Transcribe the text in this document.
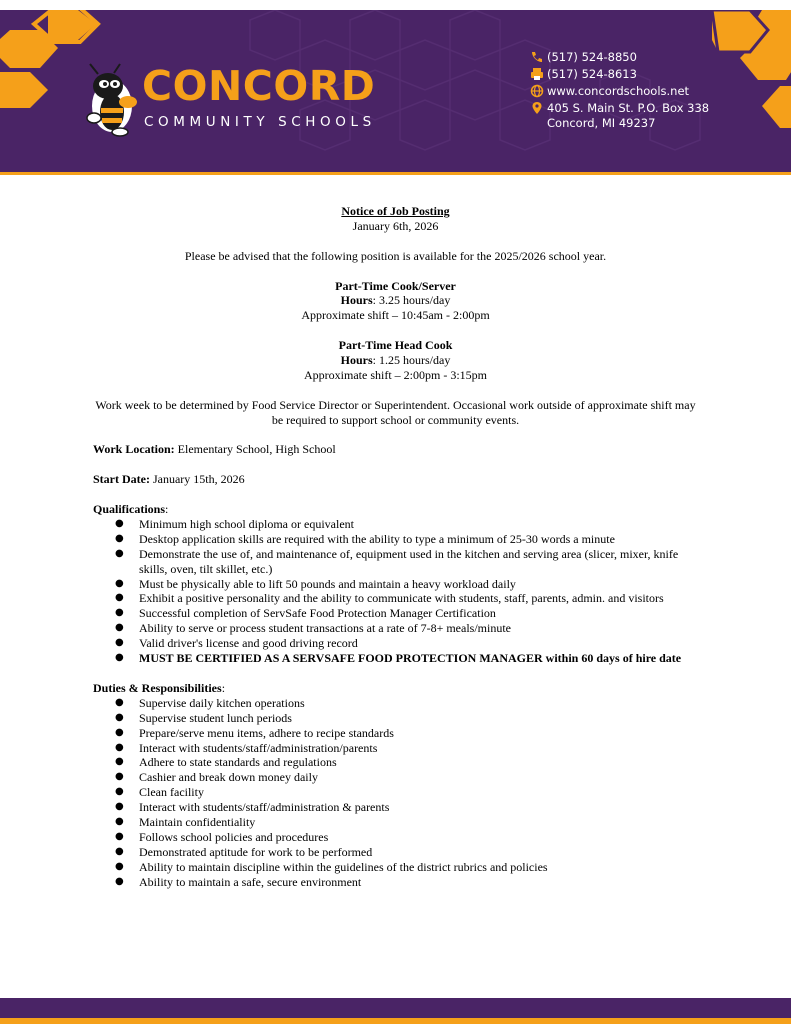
CONCORD
COMMUNITY SCHOOLS
(517) 524-8850
(517) 524-8613
www.concordschools.net
405 S. Main St. P.O. Box 338
Concord, MI 49237
Notice of Job Posting
January 6th, 2026
Please be advised that the following position is available for the 2025/2026 school year.
Part-Time Cook/Server
Hours: 3.25 hours/day
Approximate shift – 10:45am - 2:00pm
Part-Time Head Cook
Hours: 1.25 hours/day
Approximate shift – 2:00pm - 3:15pm
Work week to be determined by Food Service Director or Superintendent. Occasional work outside of approximate shift may be required to support school or community events.
Work Location: Elementary School, High School
Start Date: January 15th, 2026
Qualifications:
● Minimum high school diploma or equivalent
● Desktop application skills are required with the ability to type a minimum of 25-30 words a minute
● Demonstrate the use of, and maintenance of, equipment used in the kitchen and serving area (slicer, mixer, knife skills, oven, tilt skillet, etc.)
● Must be physically able to lift 50 pounds and maintain a heavy workload daily
● Exhibit a positive personality and the ability to communicate with students, staff, parents, admin. and visitors
● Successful completion of ServSafe Food Protection Manager Certification
● Ability to serve or process student transactions at a rate of 7-8+ meals/minute
● Valid driver's license and good driving record
● MUST BE CERTIFIED AS A SERVSAFE FOOD PROTECTION MANAGER within 60 days of hire date
Duties & Responsibilities:
● Supervise daily kitchen operations
● Supervise student lunch periods
● Prepare/serve menu items, adhere to recipe standards
● Interact with students/staff/administration/parents
● Adhere to state standards and regulations
● Cashier and break down money daily
● Clean facility
● Interact with students/staff/administration & parents
● Maintain confidentiality
● Follows school policies and procedures
● Demonstrated aptitude for work to be performed
● Ability to maintain discipline within the guidelines of the district rubrics and policies
● Ability to maintain a safe, secure environment
